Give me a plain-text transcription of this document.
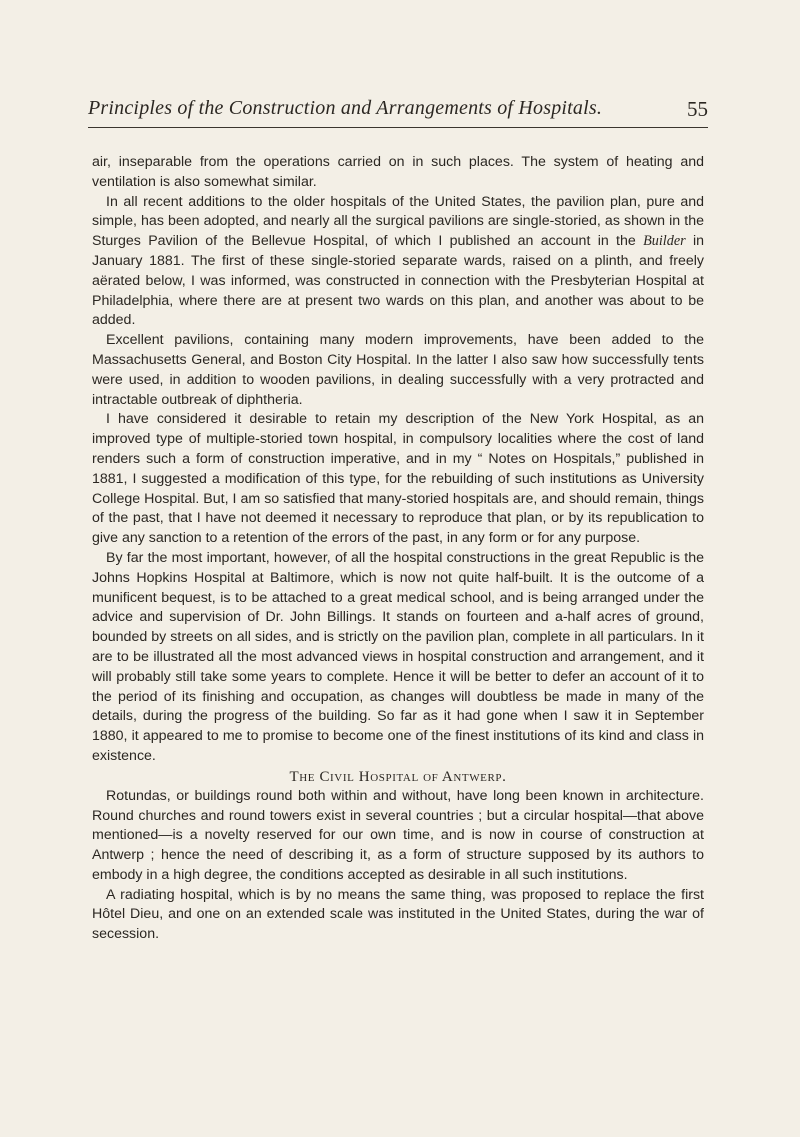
Principles of the Construction and Arrangements of Hospitals.	55

air, inseparable from the operations carried on in such places. The system of heating and ventilation is also somewhat similar.

In all recent additions to the older hospitals of the United States, the pavilion plan, pure and simple, has been adopted, and nearly all the surgical pavilions are single-storied, as shown in the Sturges Pavilion of the Bellevue Hospital, of which I published an account in the Builder in January 1881. The first of these single-storied separate wards, raised on a plinth, and freely aërated below, I was informed, was constructed in connection with the Presbyterian Hospital at Philadelphia, where there are at present two wards on this plan, and another was about to be added.

Excellent pavilions, containing many modern improvements, have been added to the Massachusetts General, and Boston City Hospital. In the latter I also saw how successfully tents were used, in addition to wooden pavilions, in dealing successfully with a very protracted and intractable outbreak of diphtheria.

I have considered it desirable to retain my description of the New York Hospital, as an improved type of multiple-storied town hospital, in compulsory localities where the cost of land renders such a form of construction imperative, and in my “ Notes on Hospitals,” published in 1881, I suggested a modification of this type, for the rebuilding of such institutions as University College Hospital. But, I am so satisfied that many-storied hospitals are, and should remain, things of the past, that I have not deemed it necessary to reproduce that plan, or by its republication to give any sanction to a retention of the errors of the past, in any form or for any purpose.

By far the most important, however, of all the hospital constructions in the great Republic is the Johns Hopkins Hospital at Baltimore, which is now not quite half-built. It is the outcome of a munificent bequest, is to be attached to a great medical school, and is being arranged under the advice and supervision of Dr. John Billings. It stands on fourteen and a-half acres of ground, bounded by streets on all sides, and is strictly on the pavilion plan, complete in all particulars. In it are to be illustrated all the most advanced views in hospital construction and arrangement, and it will probably still take some years to complete. Hence it will be better to defer an account of it to the period of its finishing and occupation, as changes will doubtless be made in many of the details, during the progress of the building. So far as it had gone when I saw it in September 1880, it appeared to me to promise to become one of the finest institutions of its kind and class in existence.

The Civil Hospital of Antwerp.

Rotundas, or buildings round both within and without, have long been known in architecture. Round churches and round towers exist in several countries ; but a circular hospital—that above mentioned—is a novelty reserved for our own time, and is now in course of construction at Antwerp ; hence the need of describing it, as a form of structure supposed by its authors to embody in a high degree, the conditions accepted as desirable in all such institutions.

A radiating hospital, which is by no means the same thing, was proposed to replace the first Hôtel Dieu, and one on an extended scale was instituted in the United States, during the war of secession.
